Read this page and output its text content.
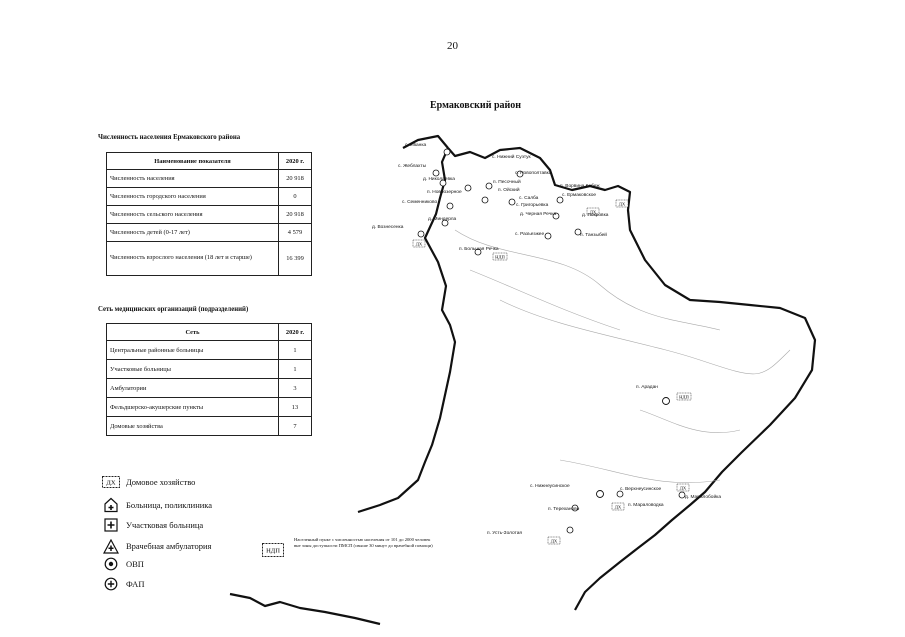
20
Ермаковский район
Численность населения Ермаковского района
Наименование показателя	2020 г.
Численность населения	20 918
Численность городского населения	0
Численность сельского населения	20 918
Численность детей (0-17 лет)	4 579
Численность взрослого населения (18 лет и старше)	16 399
Сеть медицинских организаций (подразделений)
Сеть	2020 г.
Центральные районные больницы	1
Участковые больницы	1
Амбулатории	3
Фельдшерско-акушерские пункты	13
Домовые хозяйства	7
ДХ Домовое хозяйство
Больница, поликлиника
Участковая больница
Врачебная амбулатория
ОВП
ФАП
НДП
Населенный пункт с численностью населения от 101 до 2000 человек вне зоны доступности ПМСП (свыше 30 минут до врачебной помощи)
ДХ
ДХ
ДХ
ДХ
ДХ
ДХ
НДП
НДП
с. Иванка
с. Жеблахты
д. Николаевка
п. Новоозерное
с. Семенниково
с. Нижний Суэтук
с. Новополтавка
п. Песочный
п. Ойский
с. Салба
с. Григорьевка
п. Ворвина Кебеж
с. Ермаковское
д. Черная Речка	д. Покровка
п. Танзыбей
д. Миндерла
д. Вознесенка
с. Разъезжее
п. Большая Речка
п. Арадан
с. Нижнеусинское
с. Верхнеусинское
п. Тереханово
п. Мараловодка
д. Маралобойка
п. Усть-Золотая
